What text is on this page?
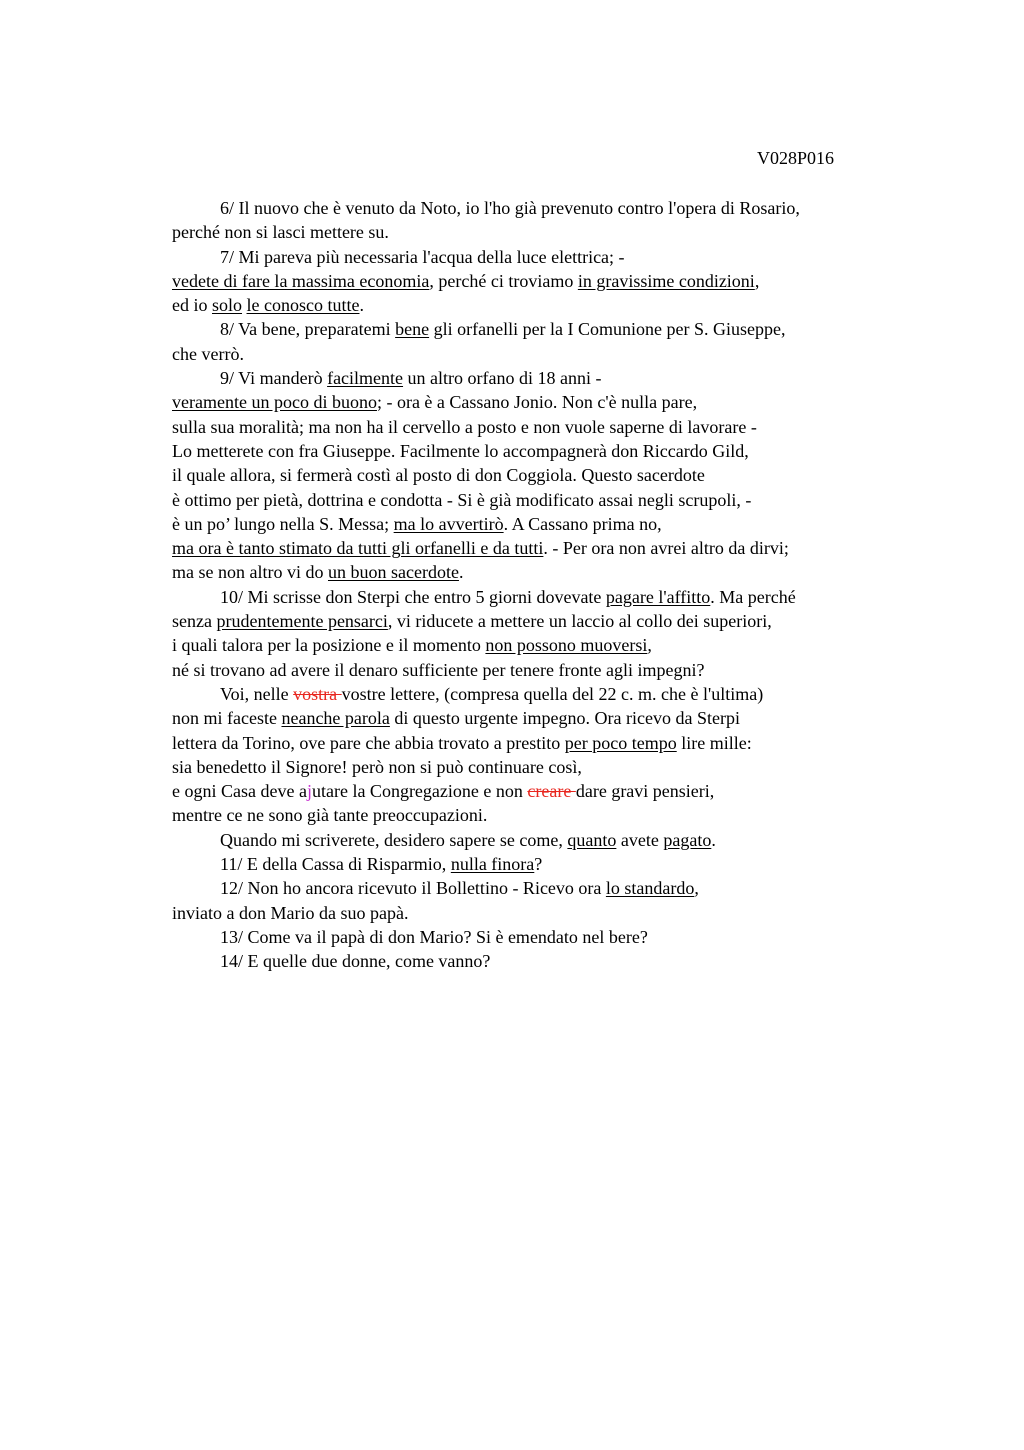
V028P016
6/ Il nuovo che è venuto da Noto, io l'ho già prevenuto contro l'opera di Rosario,
perché non si lasci mettere su.
7/ Mi pareva più necessaria l'acqua della luce elettrica; -
vedete di fare la massima economia, perché ci troviamo in gravissime condizioni,
ed io solo le conosco tutte.
8/ Va bene, preparatemi bene gli orfanelli per la I Comunione per S. Giuseppe,
che verrò.
9/ Vi manderò facilmente un altro orfano di 18 anni -
veramente un poco di buono; - ora è a Cassano Jonio. Non c'è nulla pare,
sulla sua moralità; ma non ha il cervello a posto e non vuole saperne di lavorare -
Lo metterete con fra Giuseppe. Facilmente lo accompagnerà don Riccardo Gild,
il quale allora, si fermerà costì al posto di don Coggiola. Questo sacerdote
è ottimo per pietà, dottrina e condotta - Si è già modificato assai negli scrupoli, -
è un po’ lungo nella S. Messa; ma lo avvertirò. A Cassano prima no,
ma ora è tanto stimato da tutti gli orfanelli e da tutti. - Per ora non avrei altro da dirvi;
ma se non altro vi do un buon sacerdote.
10/ Mi scrisse don Sterpi che entro 5 giorni dovevate pagare l'affitto. Ma perché
senza prudentemente pensarci, vi riducete a mettere un laccio al collo dei superiori,
i quali talora per la posizione e il momento non possono muoversi,
né si trovano ad avere il denaro sufficiente per tenere fronte agli impegni?
Voi, nelle vostra vostre lettere, (compresa quella del 22 c. m. che è l'ultima)
non mi faceste neanche parola di questo urgente impegno. Ora ricevo da Sterpi
lettera da Torino, ove pare che abbia trovato a prestito per poco tempo lire mille:
sia benedetto il Signore! però non si può continuare così,
e ogni Casa deve ajutare la Congregazione e non creare dare gravi pensieri,
mentre ce ne sono già tante preoccupazioni.
Quando mi scriverete, desidero sapere se come, quanto avete pagato.
11/ E della Cassa di Risparmio, nulla finora?
12/ Non ho ancora ricevuto il Bollettino - Ricevo ora lo standardo,
inviato a don Mario da suo papà.
13/ Come va il papà di don Mario? Si è emendato nel bere?
14/ E quelle due donne, come vanno?
